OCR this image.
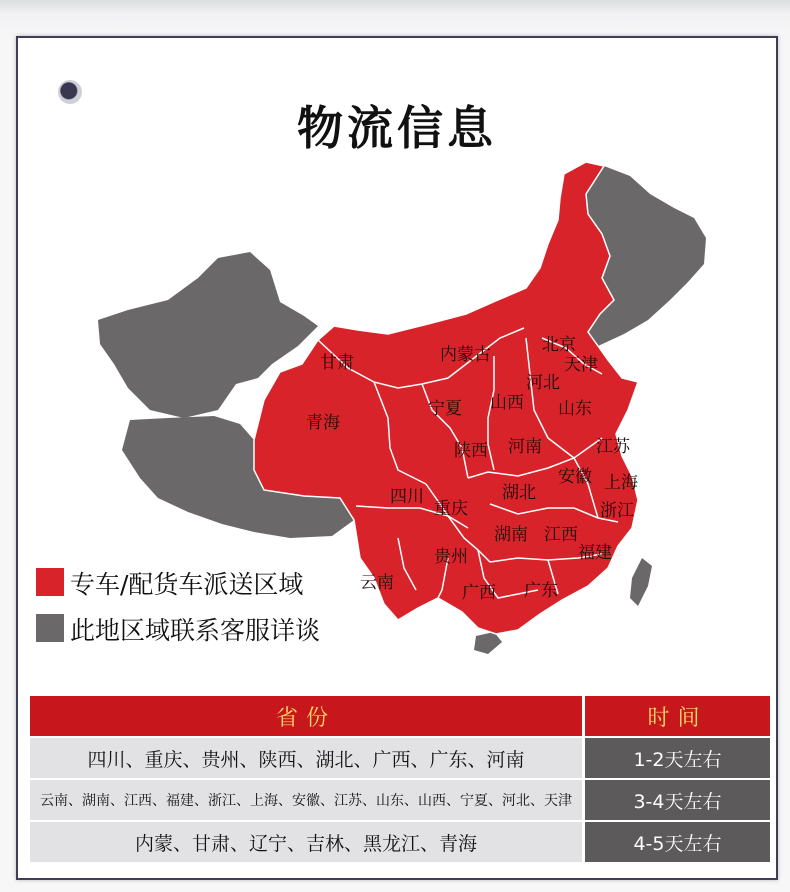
物流信息
甘肃	内蒙古	北京
天津
河北
宁夏 山西 山东
青海
陕西 河南	江苏
安徽 上海
湖北
四川
重庆	浙江
湖南 江西
贵州	福建
云南	广西 广东
专车/配货车派送区域
此地区域联系客服详谈
省份	时间
四川、重庆、贵州、陕西、湖北、广西、广东、河南	1-2天左右
云南、湖南、江西、福建、浙江、上海、安徽、江苏、山东、山西、宁夏、河北、天津	3-4天左右
内蒙、甘肃、辽宁、吉林、黑龙江、青海	4-5天左右
